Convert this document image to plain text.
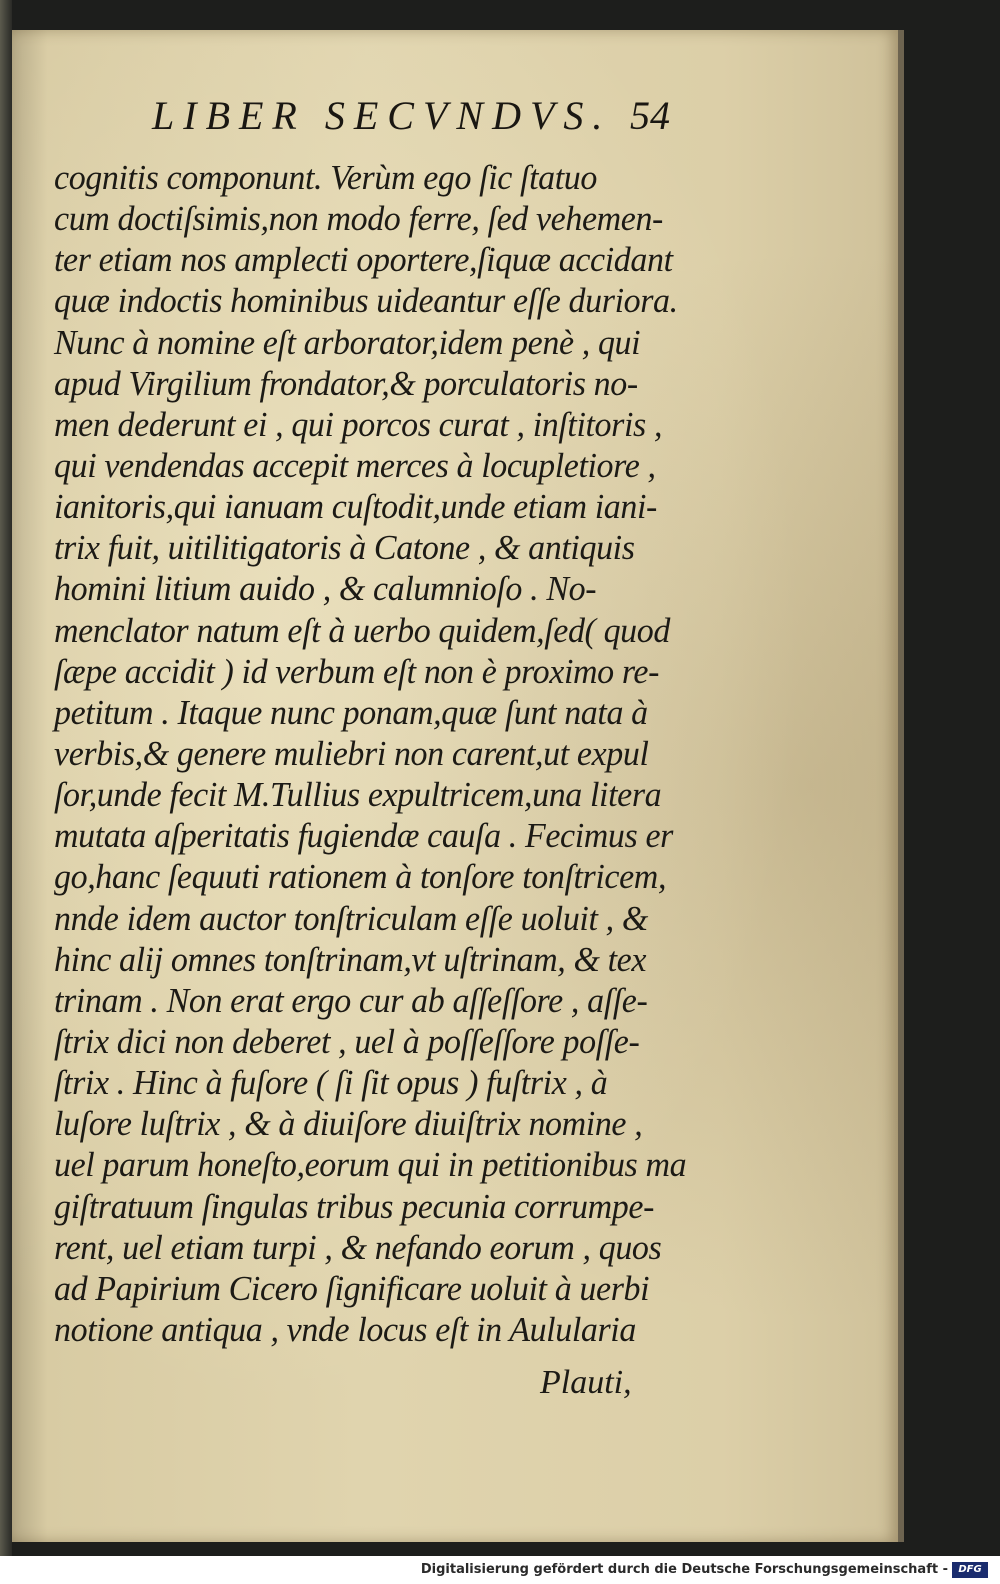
LIBER SECVNDVS. 54
cognitis componunt. Verùm ego ſic ſtatuo
cum doctiſsimis,non modo ferre, ſed vehemen-
ter etiam nos amplecti oportere,ſiquæ accidant
quæ indoctis hominibus uideantur eſſe duriora.
Nunc à nomine eſt arborator,idem penè , qui
apud Virgilium frondator,& porculatoris no-
men dederunt ei , qui porcos curat , inſtitoris ,
qui vendendas accepit merces à locupletiore ,
ianitoris,qui ianuam cuſtodit,unde etiam iani-
trix fuit, uitilitigatoris à Catone , & antiquis
homini litium auido , & calumnioſo . No-
menclator natum eſt à uerbo quidem,ſed( quod
ſæpe accidit ) id verbum eſt non è proximo re-
petitum . Itaque nunc ponam,quæ ſunt nata à
verbis,& genere muliebri non carent,ut expul
ſor,unde fecit M.Tullius expultricem,una litera
mutata aſperitatis fugiendæ cauſa . Fecimus er
go,hanc ſequuti rationem à tonſore tonſtricem,
nnde idem auctor tonſtriculam eſſe uoluit , &
hinc alij omnes tonſtrinam,vt uſtrinam, & tex
trinam . Non erat ergo cur ab aſſeſſore , aſſe-
ſtrix dici non deberet , uel à poſſeſſore poſſe-
ſtrix . Hinc à fuſore ( ſi ſit opus ) fuſtrix , à
luſore luſtrix , & à diuiſore diuiſtrix nomine ,
uel parum honeſto,eorum qui in petitionibus ma
giſtratuum ſingulas tribus pecunia corrumpe-
rent, uel etiam turpi , & nefando eorum , quos
ad Papirium Cicero ſignificare uoluit à uerbi
notione antiqua , vnde locus eſt in Aulularia
Plauti,
Digitalisierung gefördert durch die Deutsche Forschungsgemeinschaft -	DFG
